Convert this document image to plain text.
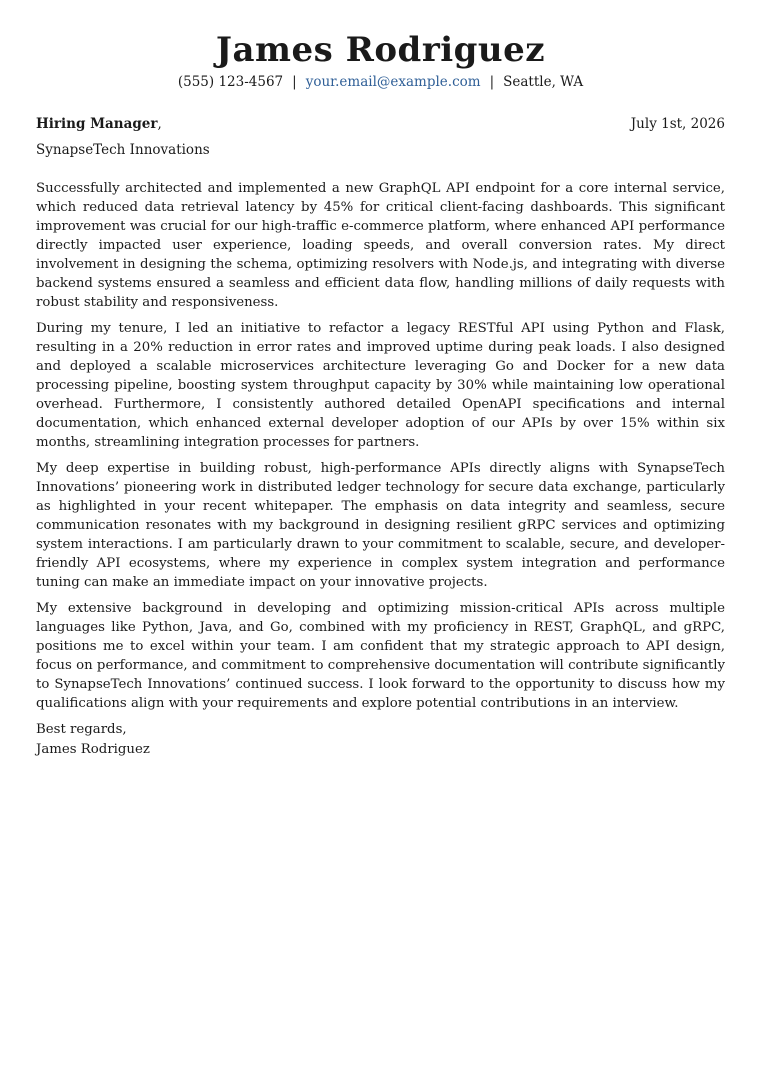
James Rodriguez
(555) 123-4567 | your.email@example.com | Seattle, WA
Hiring Manager,	July 1st, 2026
SynapseTech Innovations

Successfully architected and implemented a new GraphQL API endpoint for a core internal service, which reduced data retrieval latency by 45% for critical client-facing dashboards. This significant improvement was crucial for our high-traffic e-commerce platform, where enhanced API performance directly impacted user experience, loading speeds, and overall conversion rates. My direct involvement in designing the schema, optimizing resolvers with Node.js, and integrating with diverse backend systems ensured a seamless and efficient data flow, handling millions of daily requests with robust stability and responsiveness.

During my tenure, I led an initiative to refactor a legacy RESTful API using Python and Flask, resulting in a 20% reduction in error rates and improved uptime during peak loads. I also designed and deployed a scalable microservices architecture leveraging Go and Docker for a new data processing pipeline, boosting system throughput capacity by 30% while maintaining low operational overhead. Furthermore, I consistently authored detailed OpenAPI specifications and internal documentation, which enhanced external developer adoption of our APIs by over 15% within six months, streamlining integration processes for partners.

My deep expertise in building robust, high-performance APIs directly aligns with SynapseTech Innovations’ pioneering work in distributed ledger technology for secure data exchange, particularly as highlighted in your recent whitepaper. The emphasis on data integrity and seamless, secure communication resonates with my background in designing resilient gRPC services and optimizing system interactions. I am particularly drawn to your commitment to scalable, secure, and developer-friendly API ecosystems, where my experience in complex system integration and performance tuning can make an immediate impact on your innovative projects.

My extensive background in developing and optimizing mission-critical APIs across multiple languages like Python, Java, and Go, combined with my proficiency in REST, GraphQL, and gRPC, positions me to excel within your team. I am confident that my strategic approach to API design, focus on performance, and commitment to comprehensive documentation will contribute significantly to SynapseTech Innovations’ continued success. I look forward to the opportunity to discuss how my qualifications align with your requirements and explore potential contributions in an interview.

Best regards,
James Rodriguez
